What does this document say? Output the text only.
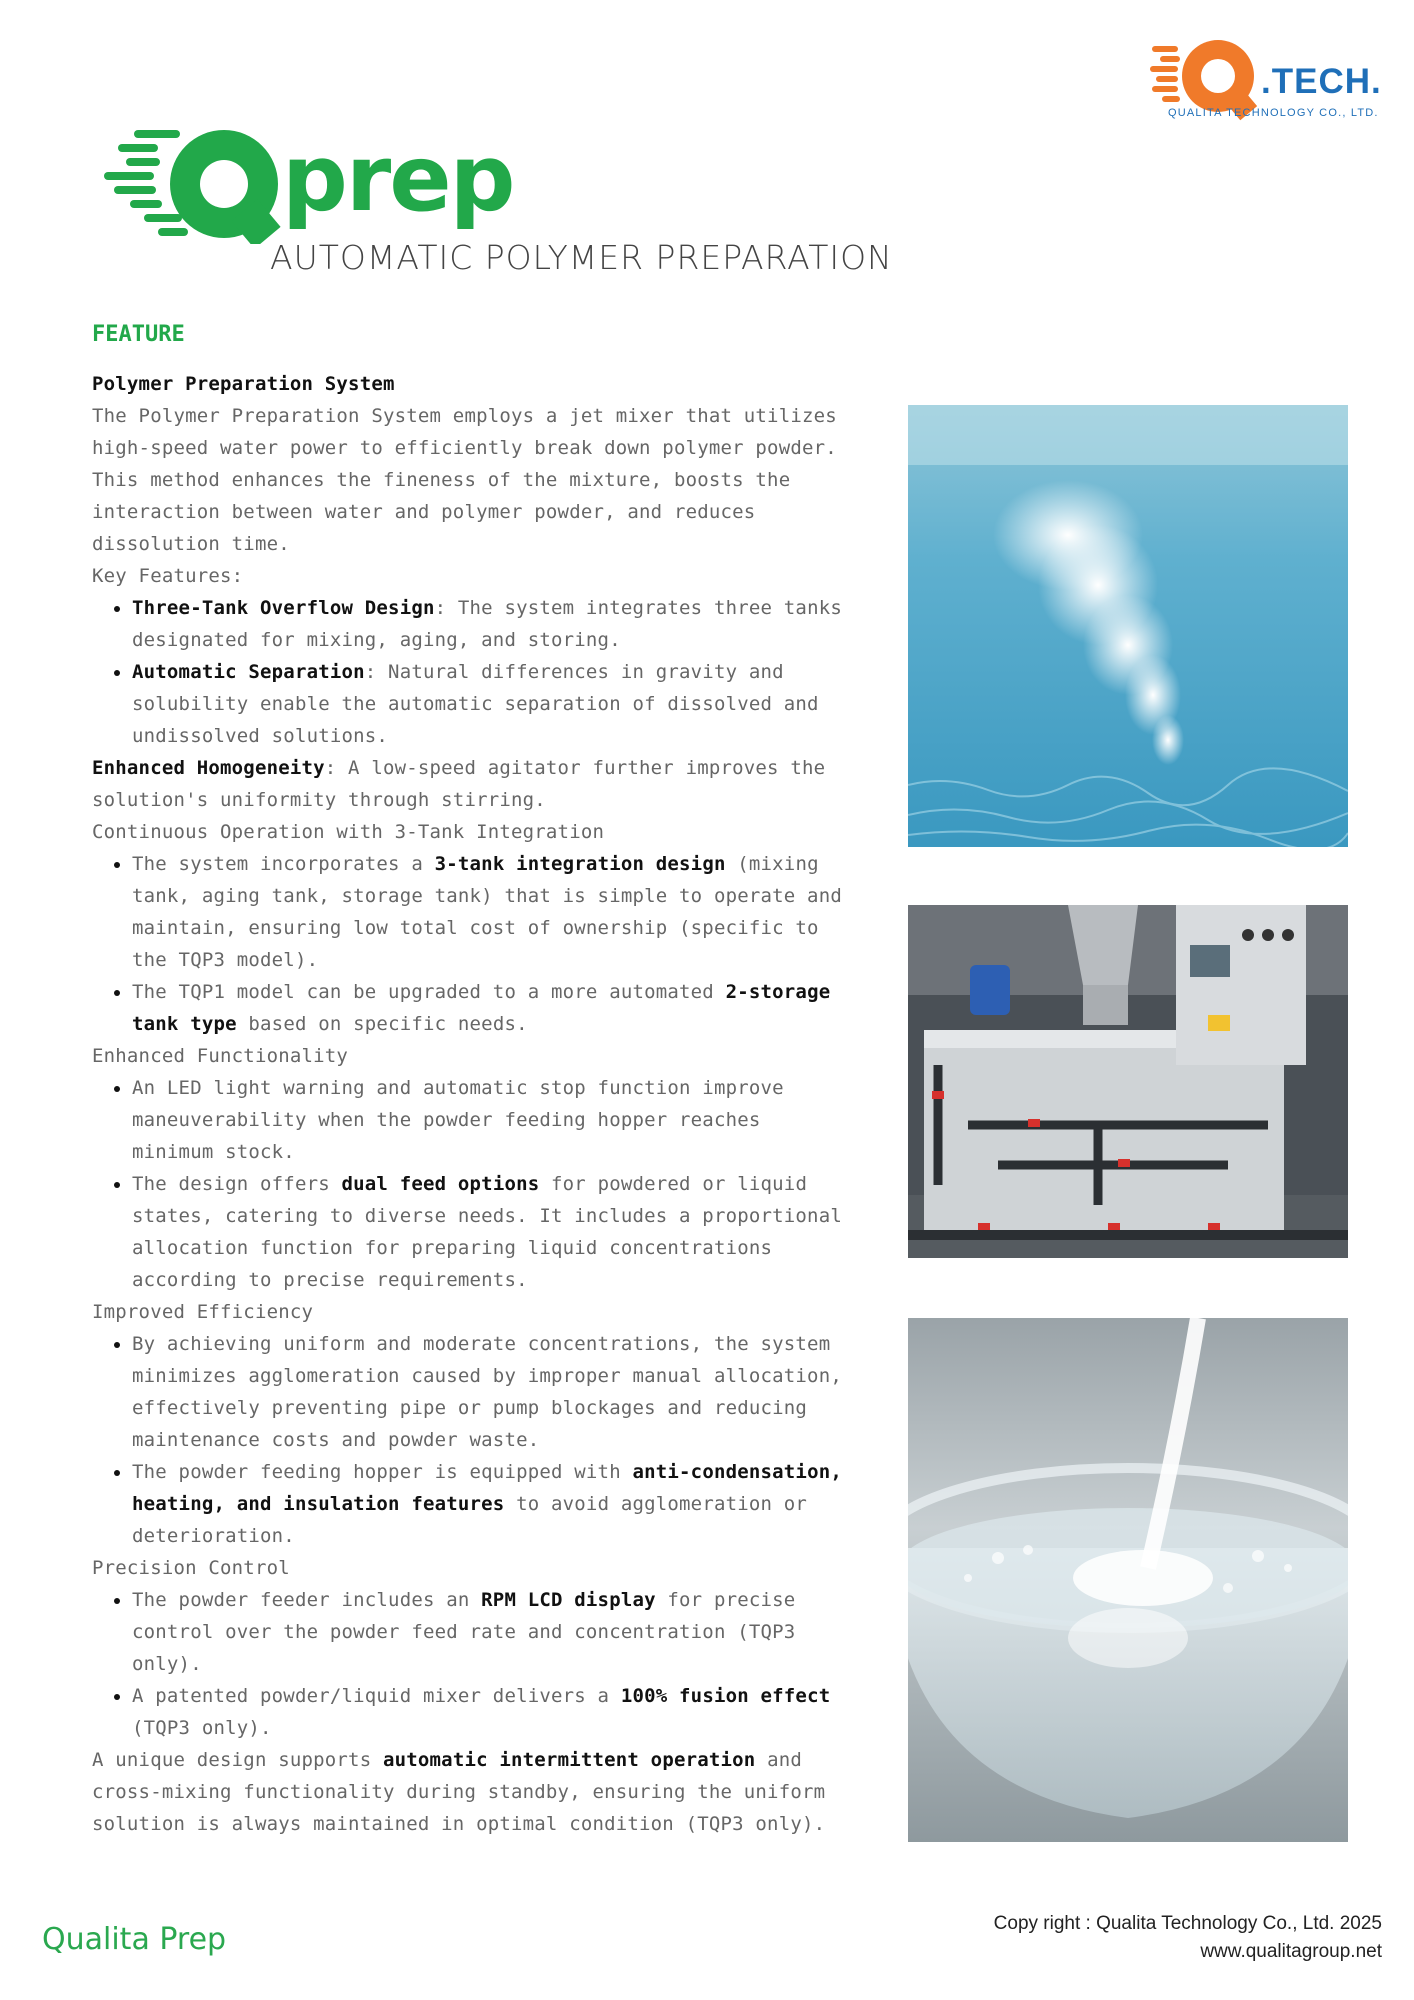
.TECH.
QUALITA TECHNOLOGY CO., LTD.
prep
AUTOMATIC POLYMER PREPARATION
FEATURE

Polymer Preparation System

The Polymer Preparation System employs a jet mixer that utilizes high-speed water power to efficiently break down polymer powder. This method enhances the fineness of the mixture, boosts the interaction between water and polymer powder, and reduces dissolution time.

Key Features:

• Three-Tank Overflow Design: The system integrates three tanks designated for mixing, aging, and storing.
• Automatic Separation: Natural differences in gravity and solubility enable the automatic separation of dissolved and undissolved solutions.

Enhanced Homogeneity: A low-speed agitator further improves the solution's uniformity through stirring.

Continuous Operation with 3-Tank Integration

• The system incorporates a 3-tank integration design (mixing tank, aging tank, storage tank) that is simple to operate and maintain, ensuring low total cost of ownership (specific to the TQP3 model).
• The TQP1 model can be upgraded to a more automated 2-storage tank type based on specific needs.

Enhanced Functionality

• An LED light warning and automatic stop function improve maneuverability when the powder feeding hopper reaches minimum stock.
• The design offers dual feed options for powdered or liquid states, catering to diverse needs. It includes a proportional allocation function for preparing liquid concentrations according to precise requirements.

Improved Efficiency

• By achieving uniform and moderate concentrations, the system minimizes agglomeration caused by improper manual allocation, effectively preventing pipe or pump blockages and reducing maintenance costs and powder waste.
• The powder feeding hopper is equipped with anti-condensation, heating, and insulation features to avoid agglomeration or deterioration.

Precision Control

• The powder feeder includes an RPM LCD display for precise control over the powder feed rate and concentration (TQP3 only).
• A patented powder/liquid mixer delivers a 100% fusion effect (TQP3 only).

A unique design supports automatic intermittent operation and cross-mixing functionality during standby, ensuring the uniform solution is always maintained in optimal condition (TQP3 only).

Qualita Prep	Copy right : Qualita Technology Co., Ltd. 2025
www.qualitagroup.net
